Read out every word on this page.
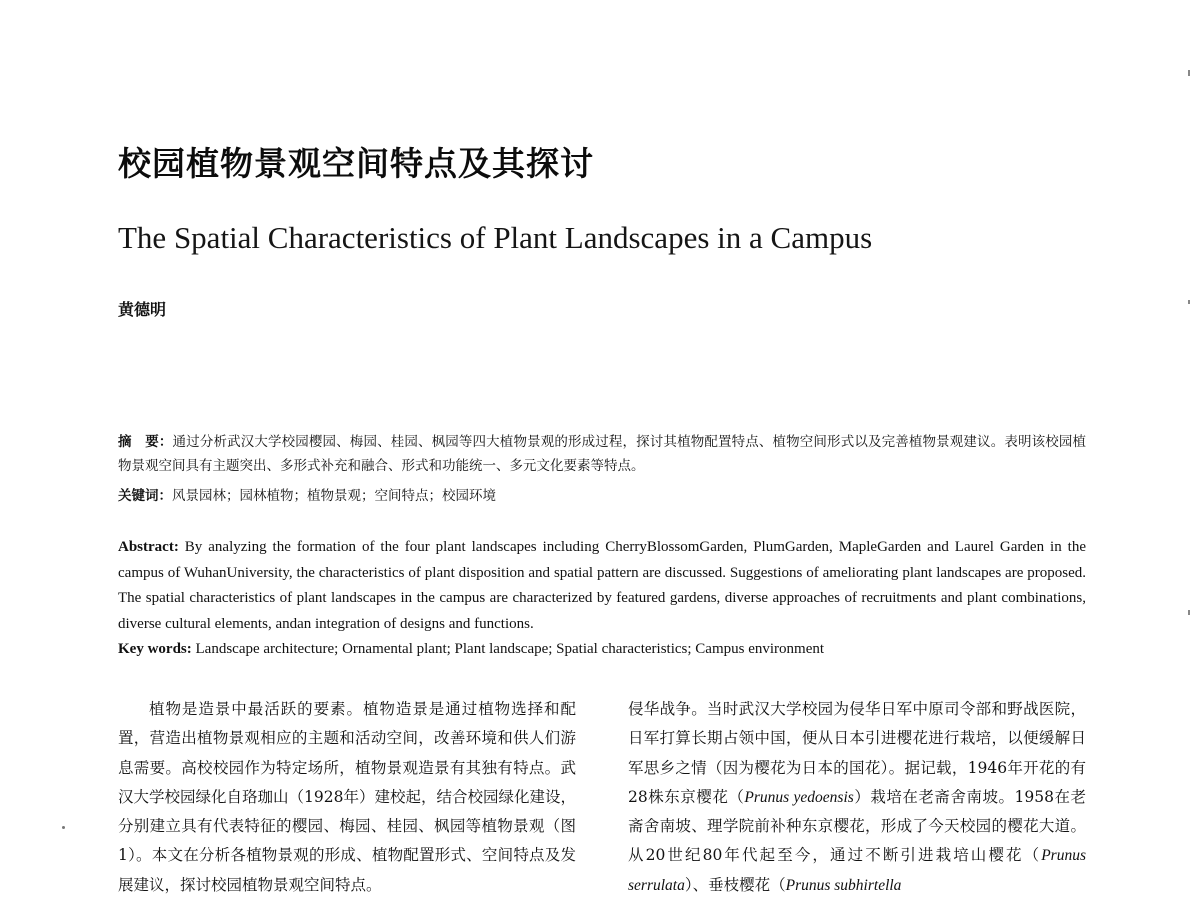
校园植物景观空间特点及其探讨
The Spatial Characteristics of Plant Landscapes in a Campus
黄德明
摘　要：通过分析武汉大学校园樱园、梅园、桂园、枫园等四大植物景观的形成过程，探讨其植物配置特点、植物空间形式以及完善植物景观建议。表明该校园植物景观空间具有主题突出、多形式补充和融合、形式和功能统一、多元文化要素等特点。
关键词：风景园林；园林植物；植物景观；空间特点；校园环境
Abstract: By analyzing the formation of the four plant landscapes including CherryBlossomGarden, PlumGarden, MapleGarden and Laurel Garden in the campus of WuhanUniversity, the characteristics of plant disposition and spatial pattern are discussed. Suggestions of ameliorating plant landscapes are proposed. The spatial characteristics of plant landscapes in the campus are characterized by featured gardens, diverse approaches of recruitments and plant combinations, diverse cultural elements, andan integration of designs and functions.
Key words: Landscape architecture; Ornamental plant; Plant landscape; Spatial characteristics; Campus environment
植物是造景中最活跃的要素。植物造景是通过植物选择和配置，营造出植物景观相应的主题和活动空间，改善环境和供人们游息需要。高校校园作为特定场所，植物景观造景有其独有特点。武汉大学校园绿化自珞珈山（1928年）建校起，结合校园绿化建设，分别建立具有代表特征的樱园、梅园、桂园、枫园等植物景观（图1）。本文在分析各植物景观的形成、植物配置形式、空间特点及发展建议，探讨校园植物景观空间特点。
侵华战争。当时武汉大学校园为侵华日军中原司令部和野战医院，日军打算长期占领中国，便从日本引进樱花进行栽培，以便缓解日军思乡之情（因为樱花为日本的国花）。据记载，1946年开花的有28株东京樱花（Prunus yedoensis）栽培在老斋舍南坡。1958在老斋舍南坡、理学院前补种东京樱花，形成了今天校园的樱花大道。从20世纪80年代起至今，通过不断引进栽培山樱花（Prunus serrulata）、垂枝樱花（Prunus subhirtella
